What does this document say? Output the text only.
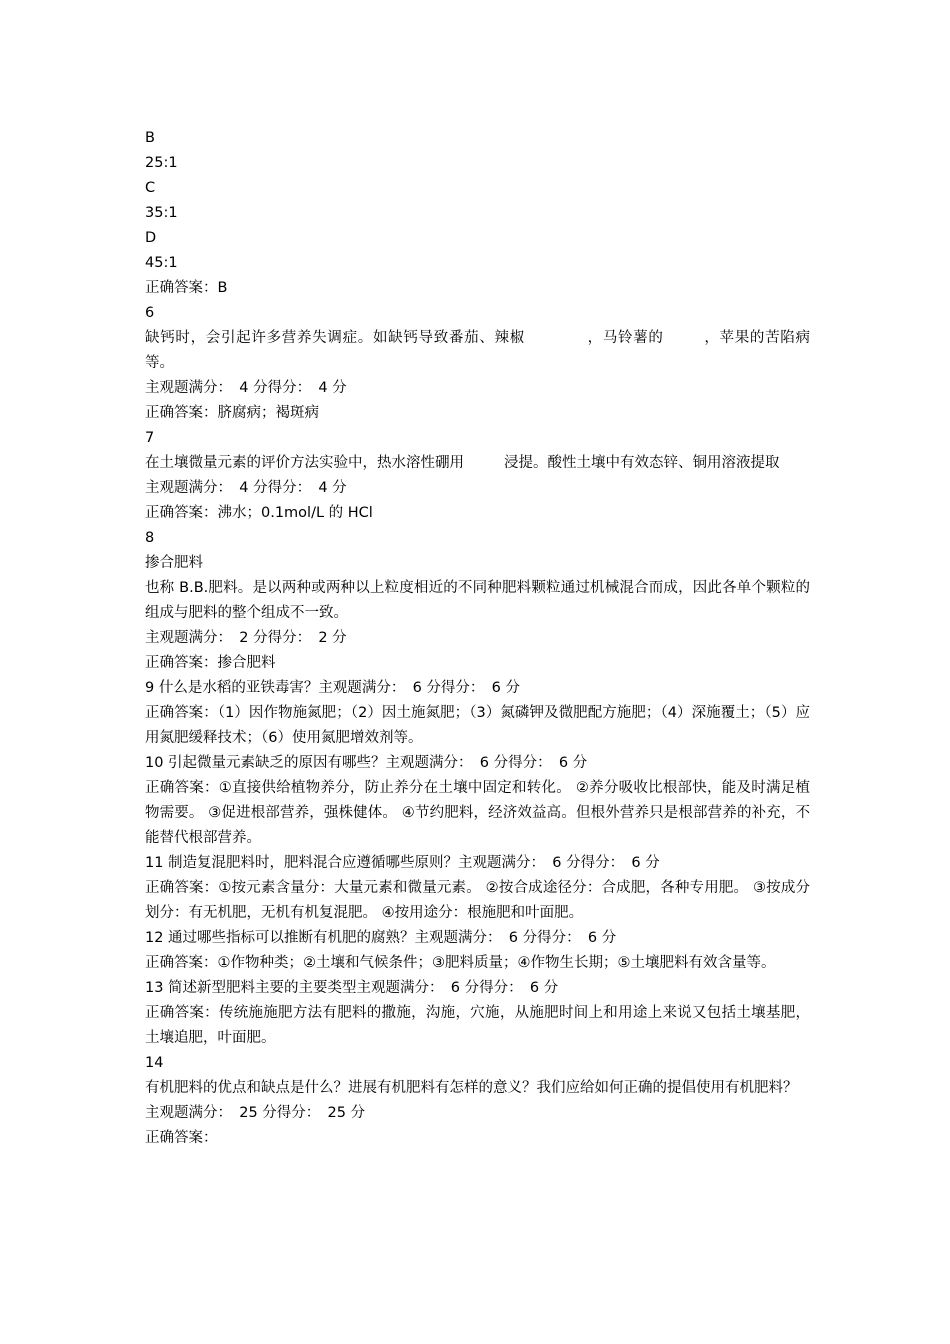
B
25:1
C
35:1
D
45:1
正确答案：B
6
缺钙时，会引起许多营养失调症。如缺钙导致番茄、辣椒	，马铃薯的	，苹果的苦陷病等。
主观题满分：　4 分得分：　4 分
正确答案：脐腐病；褐斑病
7
在土壤微量元素的评价方法实验中，热水溶性硼用	浸提。酸性土壤中有效态锌、铜用溶液提取
主观题满分：　4 分得分：　4 分
正确答案：沸水；0.1mol/L 的 HCl
8
掺合肥料
也称 B.B.肥料。是以两种或两种以上粒度相近的不同种肥料颗粒通过机械混合而成，因此各单个颗粒的组成与肥料的整个组成不一致。
主观题满分：　2 分得分：　2 分
正确答案：掺合肥料
9 什么是水稻的亚铁毒害？主观题满分：　6 分得分：　6 分
正确答案：（1）因作物施氮肥；（2）因土施氮肥；（3）氮磷钾及微肥配方施肥；（4）深施覆土；（5）应用氮肥缓释技术；（6）使用氮肥增效剂等。
10 引起微量元素缺乏的原因有哪些？主观题满分：　6 分得分：　6 分
正确答案：①直接供给植物养分，防止养分在土壤中固定和转化。 ②养分吸收比根部快，能及时满足植物需要。 ③促进根部营养，强株健体。 ④节约肥料，经济效益高。但根外营养只是根部营养的补充，不能替代根部营养。
11 制造复混肥料时，肥料混合应遵循哪些原则？主观题满分：　6 分得分：　6 分
正确答案：①按元素含量分：大量元素和微量元素。 ②按合成途径分：合成肥，各种专用肥。 ③按成分划分：有无机肥，无机有机复混肥。 ④按用途分：根施肥和叶面肥。
12 通过哪些指标可以推断有机肥的腐熟？主观题满分：　6 分得分：　6 分
正确答案：①作物种类；②土壤和气候条件；③肥料质量；④作物生长期；⑤土壤肥料有效含量等。
13 简述新型肥料主要的主要类型主观题满分：　6 分得分：　6 分
正确答案：传统施施肥方法有肥料的撒施，沟施，穴施，从施肥时间上和用途上来说又包括土壤基肥，土壤追肥，叶面肥。
14
有机肥料的优点和缺点是什么？进展有机肥料有怎样的意义？我们应给如何正确的提倡使用有机肥料？
主观题满分：　25 分得分：　25 分
正确答案：
